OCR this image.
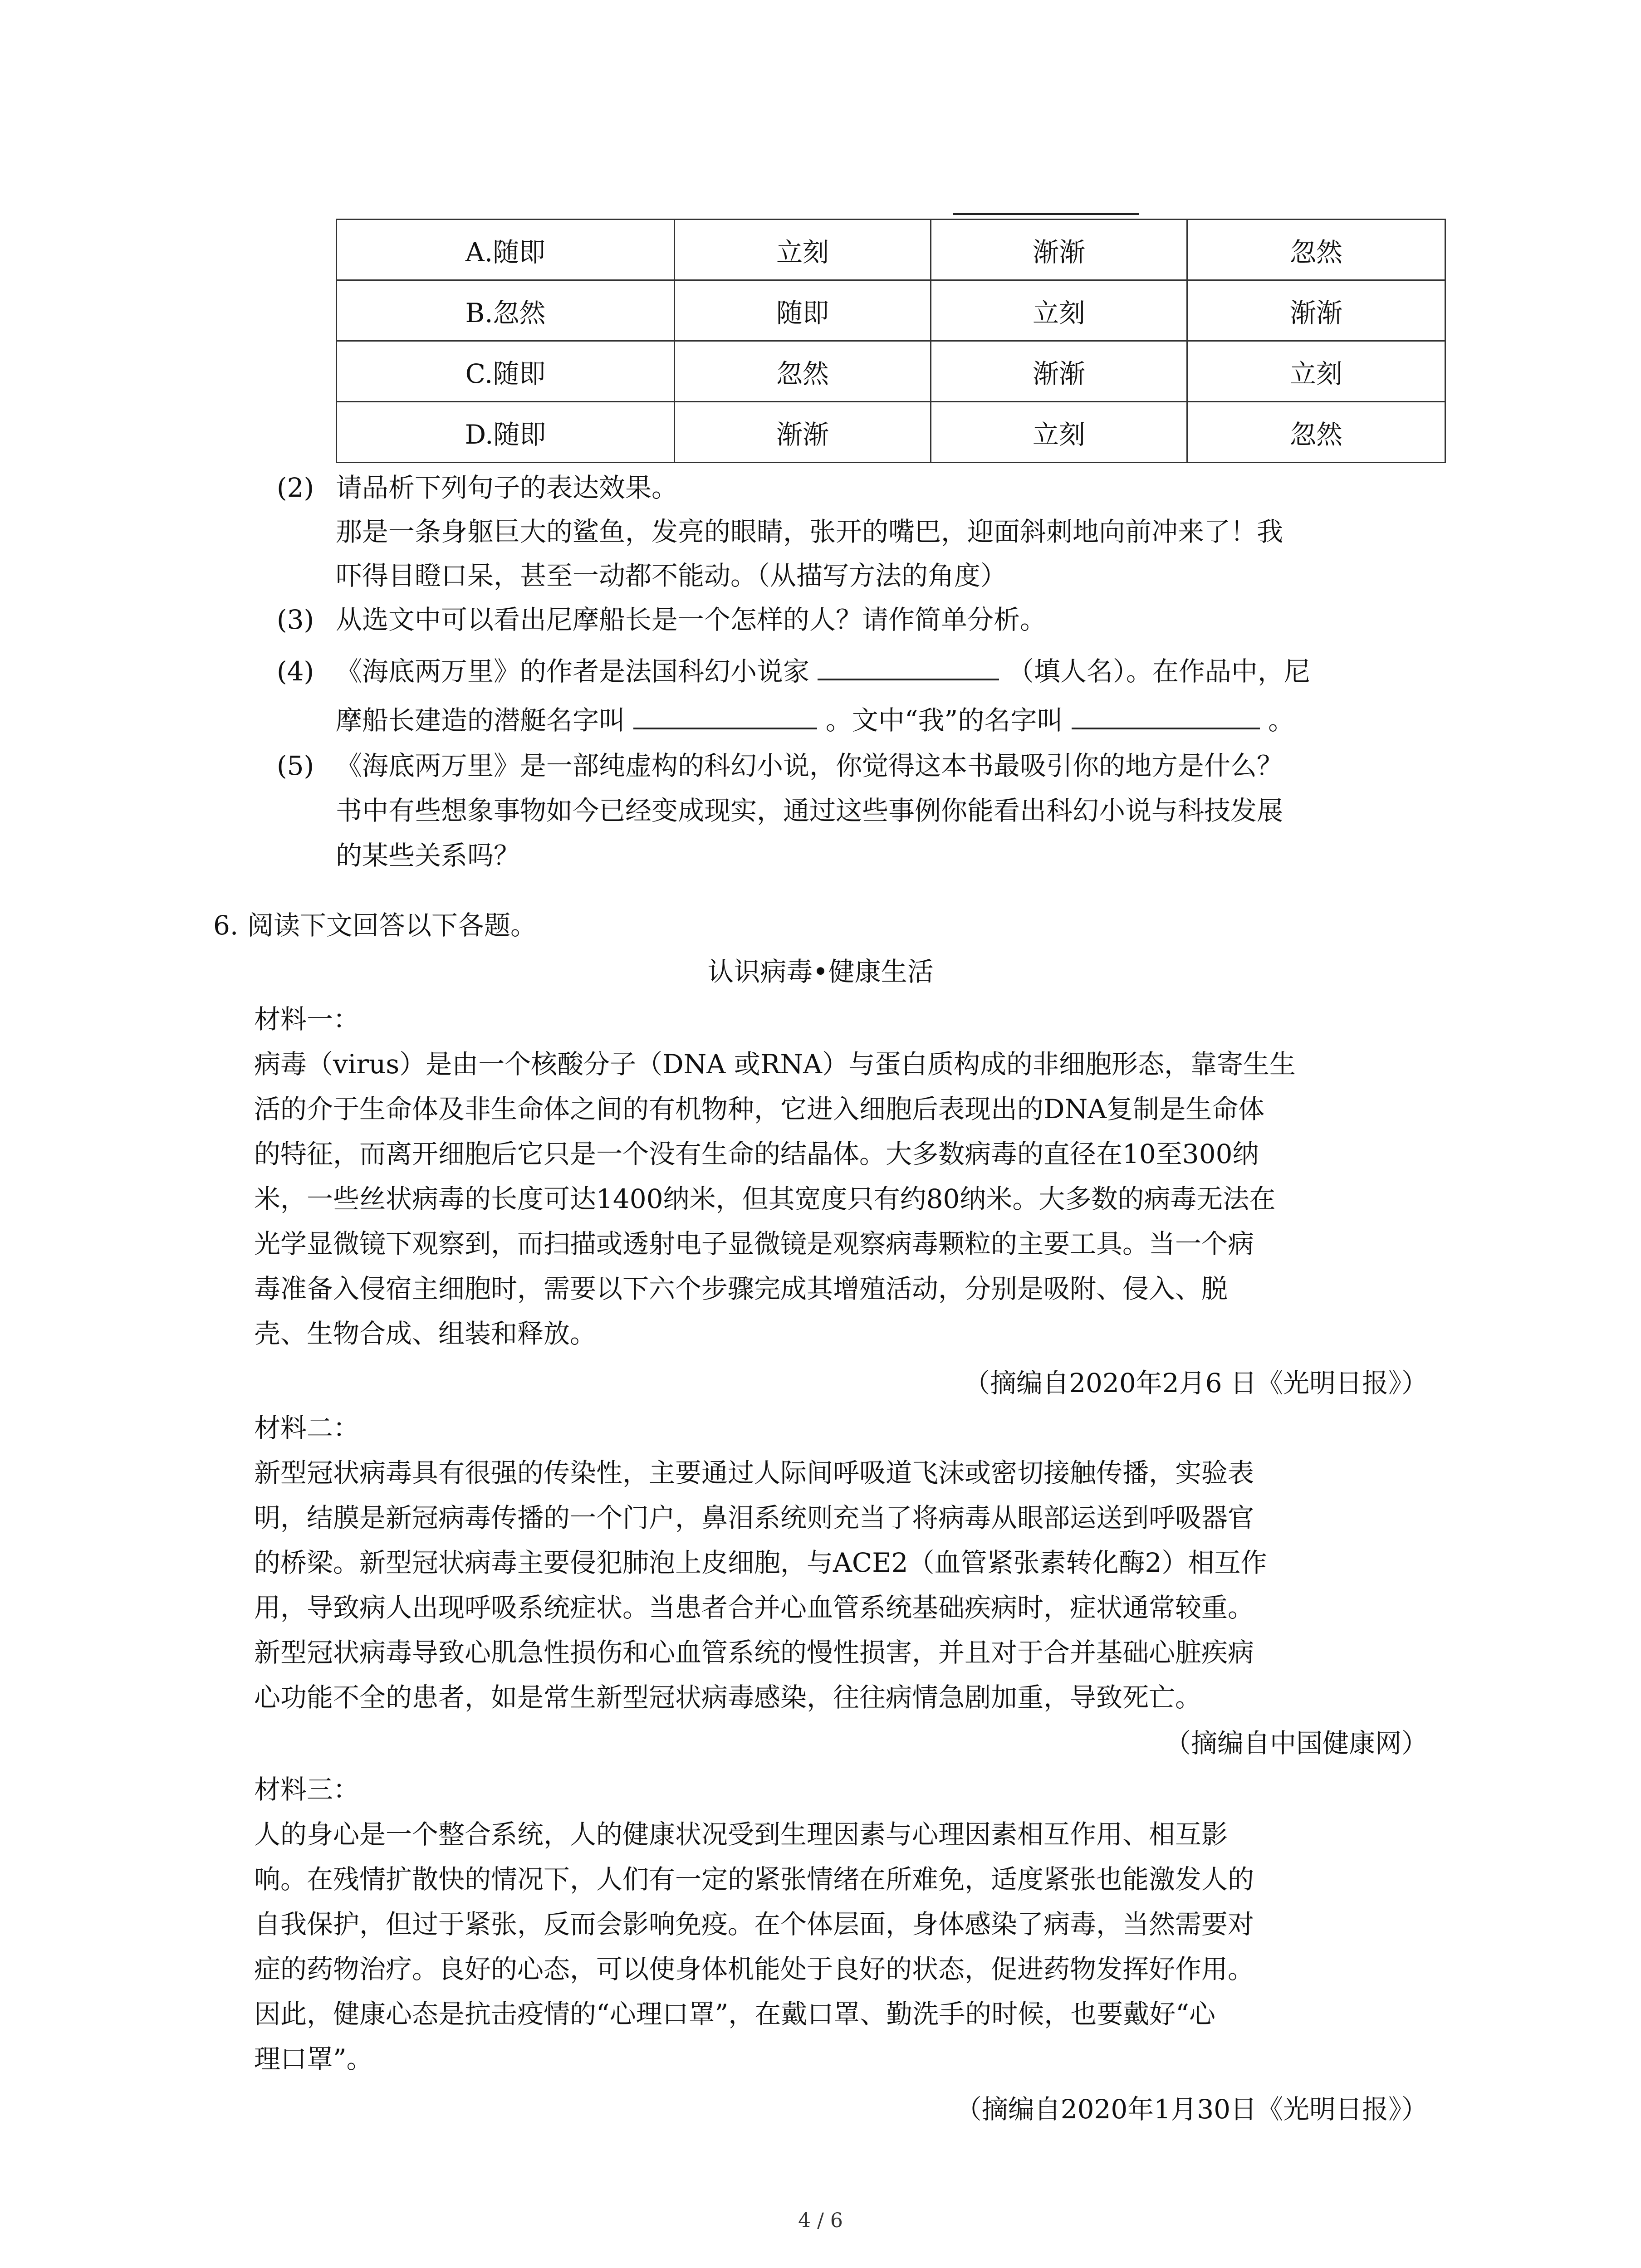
A.随即	立刻	渐渐	忽然
B.忽然	随即	立刻	渐渐
C.随即	忽然	渐渐	立刻
D.随即	渐渐	立刻	忽然
(2) 请品析下列句子的表达效果。
那是一条身躯巨大的鲨鱼，发亮的眼睛，张开的嘴巴，迎面斜刺地向前冲来了！我
吓得目瞪口呆，甚至一动都不能动。（从描写方法的角度）
(3) 从选文中可以看出尼摩船长是一个怎样的人？请作简单分析。
(4) 《海底两万里》的作者是法国科幻小说家	（填人名）。在作品中，尼
摩船长建造的潜艇名字叫	。文中“我”的名字叫	。
(5) 《海底两万里》是一部纯虚构的科幻小说，你觉得这本书最吸引你的地方是什么？
书中有些想象事物如今已经变成现实，通过这些事例你能看出科幻小说与科技发展
的某些关系吗？
6. 阅读下文回答以下各题。
认识病毒•健康生活
材料一：
病毒（virus）是由一个核酸分子（DNA 或RNA）与蛋白质构成的非细胞形态，靠寄生生
活的介于生命体及非生命体之间的有机物种，它进入细胞后表现出的DNA复制是生命体
的特征，而离开细胞后它只是一个没有生命的结晶体。大多数病毒的直径在10至300纳
米，一些丝状病毒的长度可达1400纳米，但其宽度只有约80纳米。大多数的病毒无法在
光学显微镜下观察到，而扫描或透射电子显微镜是观察病毒颗粒的主要工具。当一个病
毒准备入侵宿主细胞时，需要以下六个步骤完成其增殖活动，分别是吸附、侵入、脱
壳、生物合成、组装和释放。
（摘编自2020年2月6 日《光明日报》）
材料二：
新型冠状病毒具有很强的传染性，主要通过人际间呼吸道飞沫或密切接触传播，实验表
明，结膜是新冠病毒传播的一个门户，鼻泪系统则充当了将病毒从眼部运送到呼吸器官
的桥梁。新型冠状病毒主要侵犯肺泡上皮细胞，与ACE2（血管紧张素转化酶2）相互作
用，导致病人出现呼吸系统症状。当患者合并心血管系统基础疾病时，症状通常较重。
新型冠状病毒导致心肌急性损伤和心血管系统的慢性损害，并且对于合并基础心脏疾病
心功能不全的患者，如是常生新型冠状病毒感染，往往病情急剧加重，导致死亡。
（摘编自中国健康网）
材料三：
人的身心是一个整合系统，人的健康状况受到生理因素与心理因素相互作用、相互影
响。在残情扩散快的情况下，人们有一定的紧张情绪在所难免，适度紧张也能激发人的
自我保护，但过于紧张，反而会影响免疫。在个体层面，身体感染了病毒，当然需要对
症的药物治疗。良好的心态，可以使身体机能处于良好的状态，促进药物发挥好作用。
因此，健康心态是抗击疫情的“心理口罩”，在戴口罩、勤洗手的时候，也要戴好“心
理口罩”。
（摘编自2020年1月30日《光明日报》）
4 / 6
